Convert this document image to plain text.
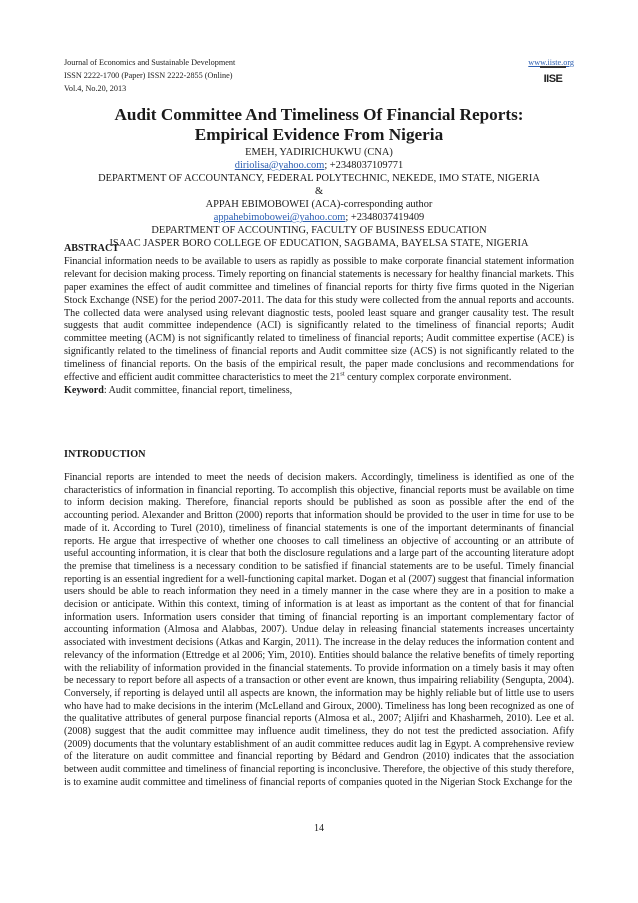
Journal of Economics and Sustainable Development
ISSN 2222-1700 (Paper) ISSN 2222-2855 (Online)
Vol.4, No.20, 2013
www.iiste.org
IISE
Audit Committee And Timeliness Of Financial Reports:
Empirical Evidence From Nigeria
EMEH, YADIRICHUKWU (CNA)
diriolisa@yahoo.com; +2348037109771
DEPARTMENT OF ACCOUNTANCY, FEDERAL POLYTECHNIC, NEKEDE, IMO STATE, NIGERIA
&
APPAH EBIMOBOWEI (ACA)-corresponding author
appahebimobowei@yahoo.com; +2348037419409
DEPARTMENT OF ACCOUNTING, FACULTY OF BUSINESS EDUCATION
ISAAC JASPER BORO COLLEGE OF EDUCATION, SAGBAMA, BAYELSA STATE, NIGERIA

ABSTRACT

Financial information needs to be available to users as rapidly as possible to make corporate financial statement information relevant for decision making process. Timely reporting on financial statements is necessary for healthy financial markets. This paper examines the effect of audit committee and timelines of financial reports for thirty five firms quoted in the Nigerian Stock Exchange (NSE) for the period 2007-2011. The data for this study were collected from the annual reports and accounts. The collected data were analysed using relevant diagnostic tests, pooled least square and granger causality test. The result suggests that audit committee independence (ACI) is significantly related to the timeliness of financial reports; Audit committee meeting (ACM) is not significantly related to timeliness of financial reports; Audit committee expertise (ACE) is significantly related to the timeliness of financial reports and Audit committee size (ACS) is not significantly related to the timeliness of financial reports. On the basis of the empirical result, the paper made conclusions and recommendations for effective and efficient audit committee characteristics to meet the 21st century complex corporate environment.

Keyword: Audit committee, financial report, timeliness,

INTRODUCTION

Financial reports are intended to meet the needs of decision makers. Accordingly, timeliness is identified as one of the characteristics of information in financial reporting. To accomplish this objective, financial reports must be available on time to inform decision making. Therefore, financial reports should be published as soon as possible after the end of the accounting period. Alexander and Britton (2000) reports that information should be provided to the user in time for use to be made of it. According to Turel (2010), timeliness of financial statements is one of the important determinants of financial reports. He argue that irrespective of whether one chooses to call timeliness an objective of accounting or an attribute of useful accounting information, it is clear that both the disclosure regulations and a large part of the accounting literature adopt the premise that timeliness is a necessary condition to be satisfied if financial statements are to be useful. Timely financial reporting is an essential ingredient for a well-functioning capital market. Dogan et al (2007) suggest that financial information users should be able to reach information they need in a timely manner in the case where they are in a position to make a decision or anticipate. Within this context, timing of information is at least as important as the content of that for financial information users. Information users consider that timing of financial reporting is an important complementary factor of accounting information (Almosa and Alabbas, 2007). Undue delay in releasing financial statements increases uncertainty associated with investment decisions (Atkas and Kargin, 2011). The increase in the delay reduces the information content and relevancy of the information (Ettredge et al 2006; Yim, 2010). Entities should balance the relative benefits of timely reporting with the reliability of information provided in the financial statements. To provide information on a timely basis it may often be necessary to report before all aspects of a transaction or other event are known, thus impairing reliability (Sengupta, 2004). Conversely, if reporting is delayed until all aspects are known, the information may be highly reliable but of little use to users who have had to make decisions in the interim (McLelland and Giroux, 2000). Timeliness has long been recognized as one of the qualitative attributes of general purpose financial reports (Almosa et al., 2007; Aljifri and Khasharmeh, 2010). Lee et al. (2008) suggest that the audit committee may influence audit timeliness, they do not test the predicted association. Afify (2009) documents that the voluntary establishment of an audit committee reduces audit lag in Egypt. A comprehensive review of the literature on audit committee and financial reporting by Bédard and Gendron (2010) indicates that the association between audit committee and timeliness of financial reporting is inconclusive. Therefore, the objective of this study therefore, is to examine audit committee and timeliness of financial reports of companies quoted in the Nigerian Stock Exchange for the

14
